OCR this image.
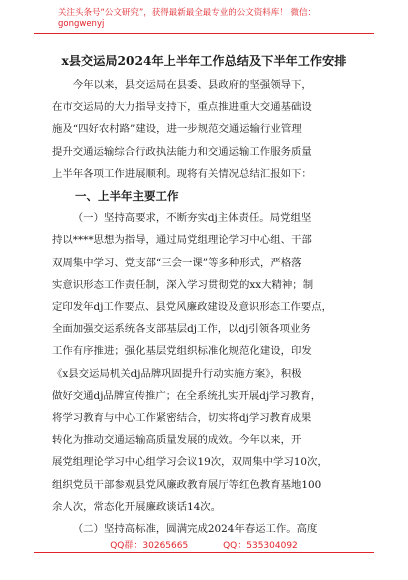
关注头条号“公文研究”，获得最新最全最专业的公文资料库！ 微信：gongwenyj
x县交运局2024年上半年工作总结及下半年工作安排
今年以来，县交运局在县委、县政府的坚强领导下，
在市交运局的大力指导支持下，重点推进重大交通基础设
施及“四好农村路”建设，进一步规范交通运输行业管理
提升交通运输综合行政执法能力和交通运输工作服务质量
上半年各项工作进展顺利。现将有关情况总结汇报如下：
一、上半年主要工作
（一）坚持高要求，不断夯实dj主体责任。局党组坚
持以****思想为指导，通过局党组理论学习中心组、干部
双周集中学习、党支部“三会一课”等多种形式，严格落
实意识形态工作责任制，深入学习贯彻党的xx大精神；制
定印发年dj工作要点、县党风廉政建设及意识形态工作要点，
全面加强交运系统各支部基层dj工作，以dj引领各项业务
工作有序推进；强化基层党组织标准化规范化建设，印发
《x县交运局机关dj品牌巩固提升行动实施方案》，积极
做好交通dj品牌宣传推广；在全系统扎实开展dj学习教育，
将学习教育与中心工作紧密结合，切实将dj学习教育成果
转化为推动交通运输高质量发展的成效。今年以来，开
展党组理论学习中心组学习会议19次，双周集中学习10次，
组织党员干部参观县党风廉政教育展厅等红色教育基地100
余人次，常态化开展廉政谈话14次。
（二）坚持高标准，圆满完成2024年春运工作。高度
QQ群：30265665	QQ：535304092
